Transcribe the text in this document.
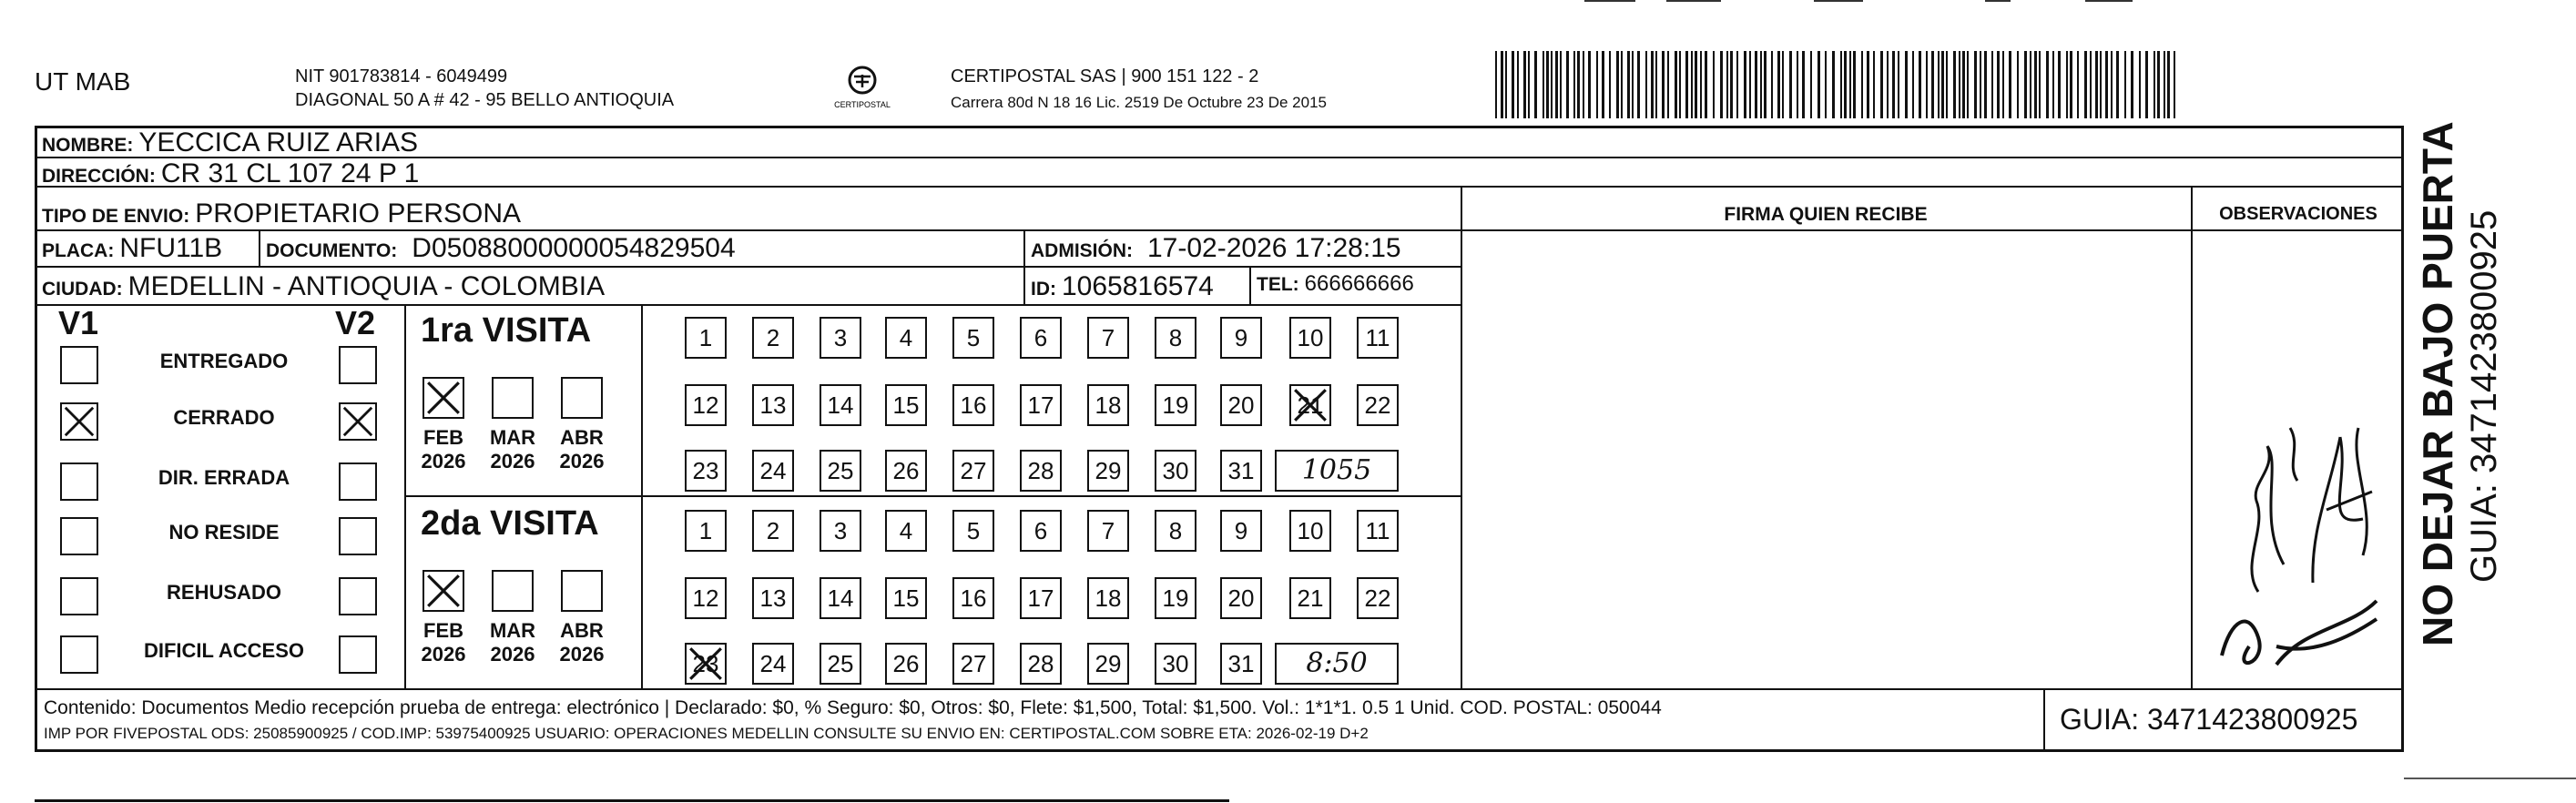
UT MAB	NIT 901783814 - 6049499
DIAGONAL 50 A # 42 - 95 BELLO ANTIOQUIA	CERTIPOSTAL
CERTIPOSTAL SAS | 900 151 122 - 2
Carrera 80d N 18 16 Lic. 2519 De Octubre 23 De 2015
NOMBRE: YECCICA RUIZ ARIAS
DIRECCIÓN: CR 31 CL 107 24 P 1
TIPO DE ENVIO: PROPIETARIO PERSONA	FIRMA QUIEN RECIBE	OBSERVACIONES
PLACA: NFU11B DOCUMENTO: D05088000000054829504	ADMISIÓN: 17-02-2026 17:28:15
CIUDAD: MEDELLIN - ANTIOQUIA - COLOMBIA	ID: 1065816574 TEL: 666666666
V1	V2
ENTREGADO
CERRADO
DIR. ERRADA
NO RESIDE
REHUSADO
DIFICIL ACCESO
1ra VISITA
FEB
2026
MAR
2026
ABR
2026
1	2	3	4	5	6	7	8	9	10	11
12	13	14	15	16	17	18	19	20	21	22
23	24	25	26	27	28	29	30	31	1055
2da VISITA
FEB
2026
MAR
2026
ABR
2026
1	2	3	4	5	6	7	8	9	10	11
12	13	14	15	16	17	18	19	20	21	22
23	24	25	26	27	28	29	30	31	8:50
Contenido: Documentos Medio recepción prueba de entrega: electrónico | Declarado: $0, % Seguro: $0, Otros: $0, Flete: $1,500, Total: $1,500. Vol.: 1*1*1. 0.5 1 Unid. COD. POSTAL: 050044
IMP POR FIVEPOSTAL ODS: 25085900925 / COD.IMP: 53975400925 USUARIO: OPERACIONES MEDELLIN CONSULTE SU ENVIO EN: CERTIPOSTAL.COM SOBRE ETA: 2026-02-19 D+2	GUIA: 3471423800925
NO DEJAR BAJO PUERTA GUIA: 3471423800925
